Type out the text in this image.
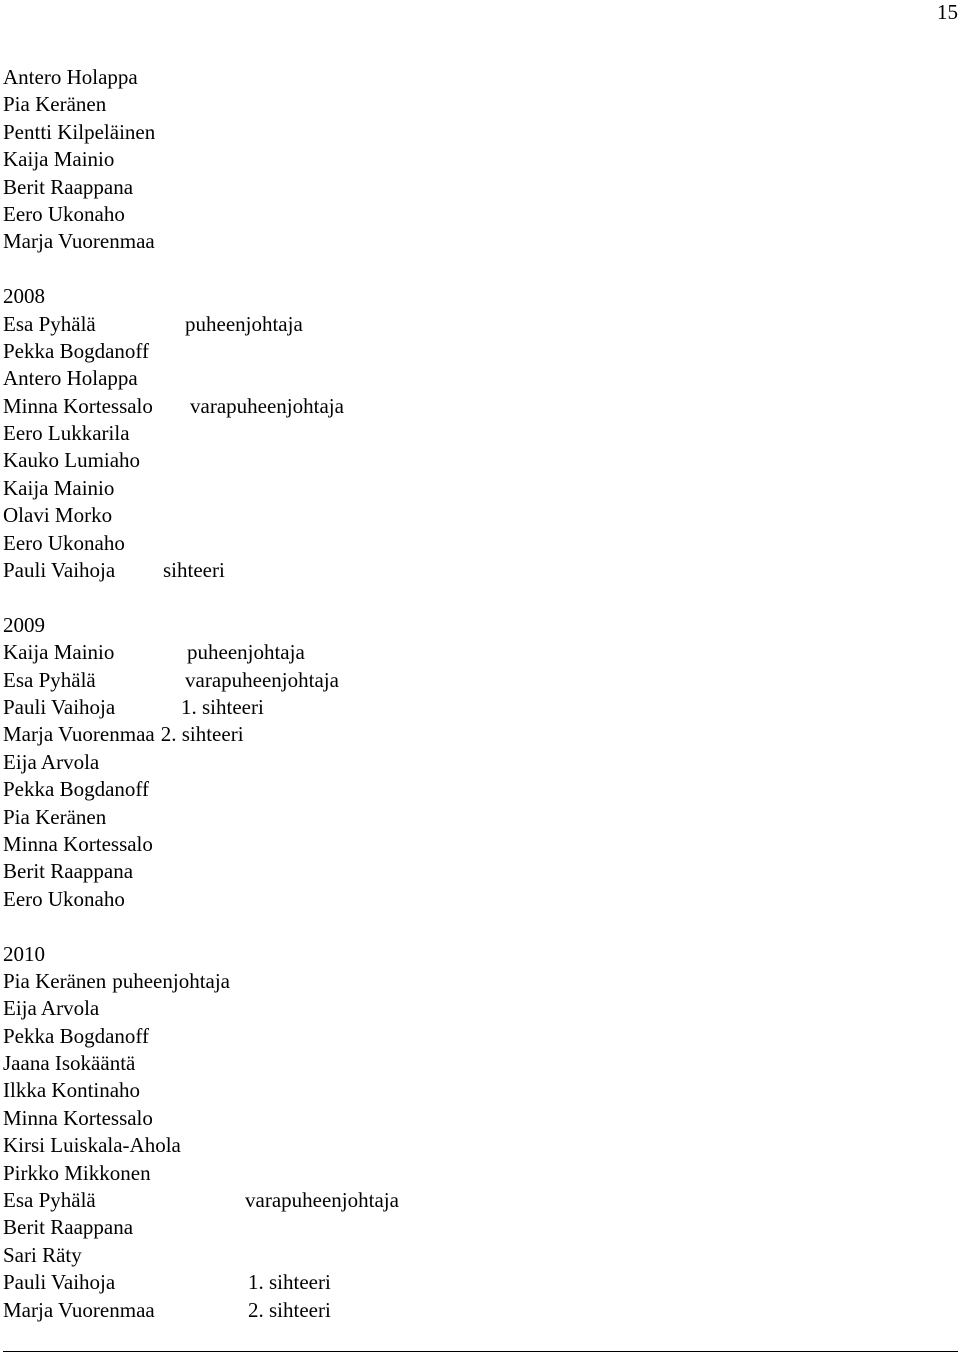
15
Antero Holappa
Pia Keränen
Pentti Kilpeläinen
Kaija Mainio
Berit Raappana
Eero Ukonaho
Marja Vuorenmaa
2008
Esa Pyhälä	puheenjohtaja
Pekka Bogdanoff
Antero Holappa
Minna Kortessalo varapuheenjohtaja
Eero Lukkarila
Kauko Lumiaho
Kaija Mainio
Olavi Morko
Eero Ukonaho
Pauli Vaihoja sihteeri
2009
Kaija Mainio	puheenjohtaja
Esa Pyhälä	varapuheenjohtaja
Pauli Vaihoja	1. sihteeri
Marja Vuorenmaa 2. sihteeri
Eija Arvola
Pekka Bogdanoff
Pia Keränen
Minna Kortessalo
Berit Raappana
Eero Ukonaho
2010
Pia Keränen puheenjohtaja
Eija Arvola
Pekka Bogdanoff
Jaana Isokääntä
Ilkka Kontinaho
Minna Kortessalo
Kirsi Luiskala-Ahola
Pirkko Mikkonen
Esa Pyhälä	varapuheenjohtaja
Berit Raappana
Sari Räty
Pauli Vaihoja	1. sihteeri
Marja Vuorenmaa	2. sihteeri
